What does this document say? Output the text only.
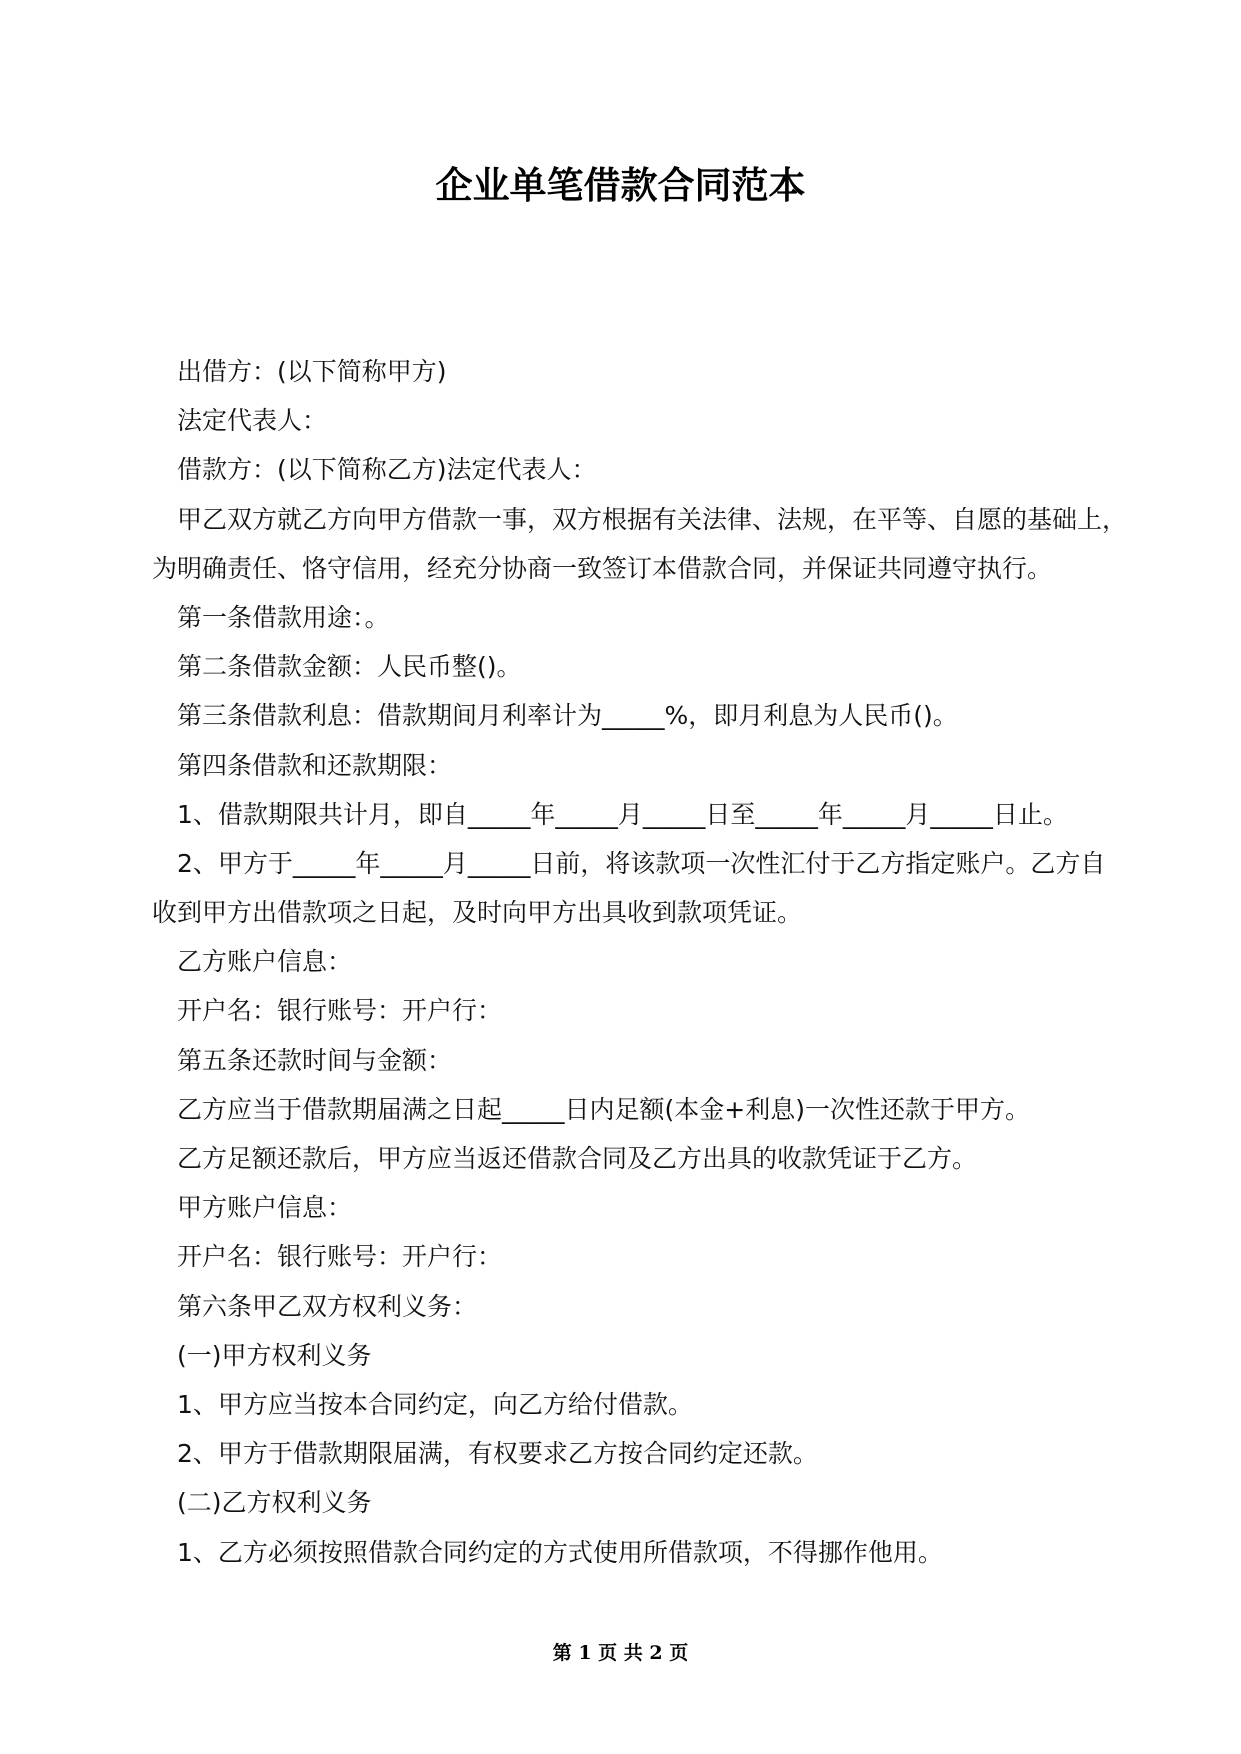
企业单笔借款合同范本
出借方：(以下简称甲方)
法定代表人：
借款方：(以下简称乙方)法定代表人：
甲乙双方就乙方向甲方借款一事，双方根据有关法律、法规，在平等、自愿的基础上，
为明确责任、恪守信用，经充分协商一致签订本借款合同，并保证共同遵守执行。
第一条借款用途：。
第二条借款金额：人民币整()。
第三条借款利息：借款期间月利率计为_____%，即月利息为人民币()。
第四条借款和还款期限：
1、借款期限共计月，即自_____年_____月_____日至_____年_____月_____日止。
2、甲方于_____年_____月_____日前，将该款项一次性汇付于乙方指定账户。乙方自
收到甲方出借款项之日起，及时向甲方出具收到款项凭证。
乙方账户信息：
开户名：银行账号：开户行：
第五条还款时间与金额：
乙方应当于借款期届满之日起_____日内足额(本金+利息)一次性还款于甲方。
乙方足额还款后，甲方应当返还借款合同及乙方出具的收款凭证于乙方。
甲方账户信息：
开户名：银行账号：开户行：
第六条甲乙双方权利义务：
(一)甲方权利义务
1、甲方应当按本合同约定，向乙方给付借款。
2、甲方于借款期限届满，有权要求乙方按合同约定还款。
(二)乙方权利义务
1、乙方必须按照借款合同约定的方式使用所借款项，不得挪作他用。
第 1 页 共 2 页
